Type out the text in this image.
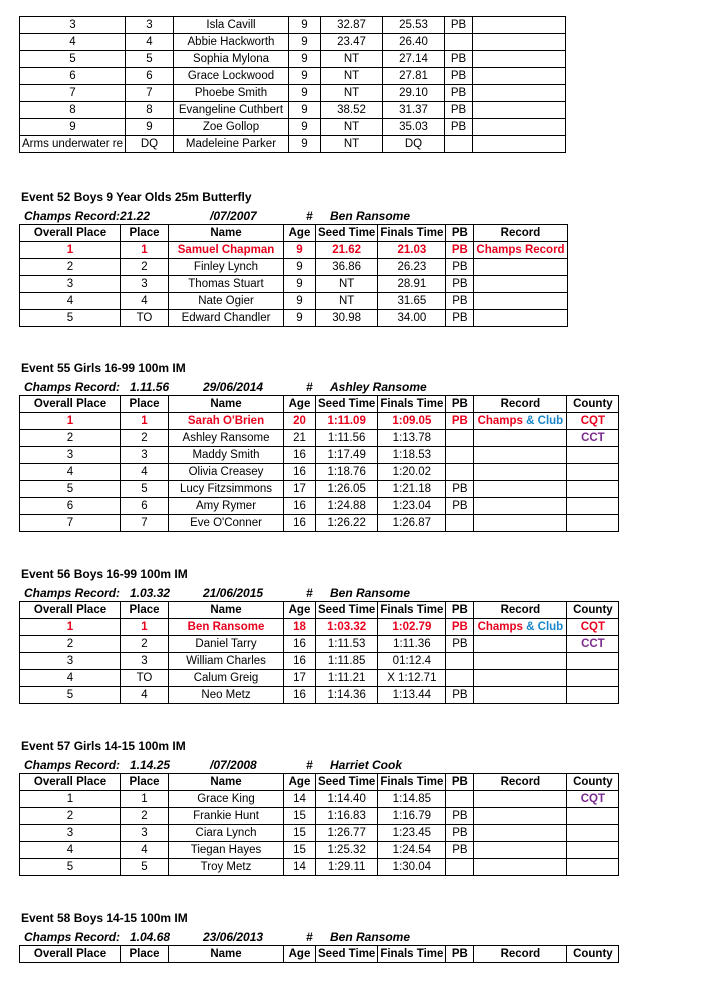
3	3	Isla Cavill	9	32.87	25.53	PB	
4	4	Abbie Hackworth	9	23.47	26.40		
5	5	Sophia Mylona	9	NT	27.14	PB	
6	6	Grace Lockwood	9	NT	27.81	PB	
7	7	Phoebe Smith	9	NT	29.10	PB	
8	8	Evangeline Cuthbert	9	38.52	31.37	PB	
9	9	Zoe Gollop	9	NT	35.03	PB	
Arms underwater re	DQ	Madeleine Parker	9	NT	DQ		
Event 52 Boys 9 Year Olds 25m Butterfly
Champs Record: 21.22	/07/2007	# Ben Ransome
Overall Place	Place	Name	Age	Seed Time	Finals Time	PB	Record
1	1	Samuel Chapman	9	21.62	21.03	PB	Champs Record
2	2	Finley Lynch	9	36.86	26.23	PB	
3	3	Thomas Stuart	9	NT	28.91	PB	
4	4	Nate Ogier	9	NT	31.65	PB	
5	TO	Edward Chandler	9	30.98	34.00	PB	
Event 55 Girls 16-99 100m IM
Champs Record: 1.11.56	29/06/2014	# Ashley Ransome
Overall Place	Place	Name	Age	Seed Time	Finals Time	PB	Record	County
1	1	Sarah O'Brien	20	1:11.09	1:09.05	PB	Champs & Club	CQT
2	2	Ashley Ransome	21	1:11.56	1:13.78			CCT
3	3	Maddy Smith	16	1:17.49	1:18.53			
4	4	Olivia Creasey	16	1:18.76	1:20.02			
5	5	Lucy Fitzsimmons	17	1:26.05	1:21.18	PB		
6	6	Amy Rymer	16	1:24.88	1:23.04	PB		
7	7	Eve O'Conner	16	1:26.22	1:26.87			
Event 56 Boys 16-99 100m IM
Champs Record: 1.03.32	21/06/2015	# Ben Ransome
Overall Place	Place	Name	Age	Seed Time	Finals Time	PB	Record	County
1	1	Ben Ransome	18	1:03.32	1:02.79	PB	Champs & Club	CQT
2	2	Daniel Tarry	16	1:11.53	1:11.36	PB		CCT
3	3	William Charles	16	1:11.85	01:12.4			
4	TO	Calum Greig	17	1:11.21	X 1:12.71			
5	4	Neo Metz	16	1:14.36	1:13.44	PB		
Event 57 Girls 14-15 100m IM
Champs Record: 1.14.25	/07/2008	# Harriet Cook
Overall Place	Place	Name	Age	Seed Time	Finals Time	PB	Record	County
1	1	Grace King	14	1:14.40	1:14.85			CQT
2	2	Frankie Hunt	15	1:16.83	1:16.79	PB		
3	3	Ciara Lynch	15	1:26.77	1:23.45	PB		
4	4	Tiegan Hayes	15	1:25.32	1:24.54	PB		
5	5	Troy Metz	14	1:29.11	1:30.04			
Event 58 Boys 14-15 100m IM
Champs Record: 1.04.68	23/06/2013	# Ben Ransome
Overall Place	Place	Name	Age	Seed Time	Finals Time	PB	Record	County
